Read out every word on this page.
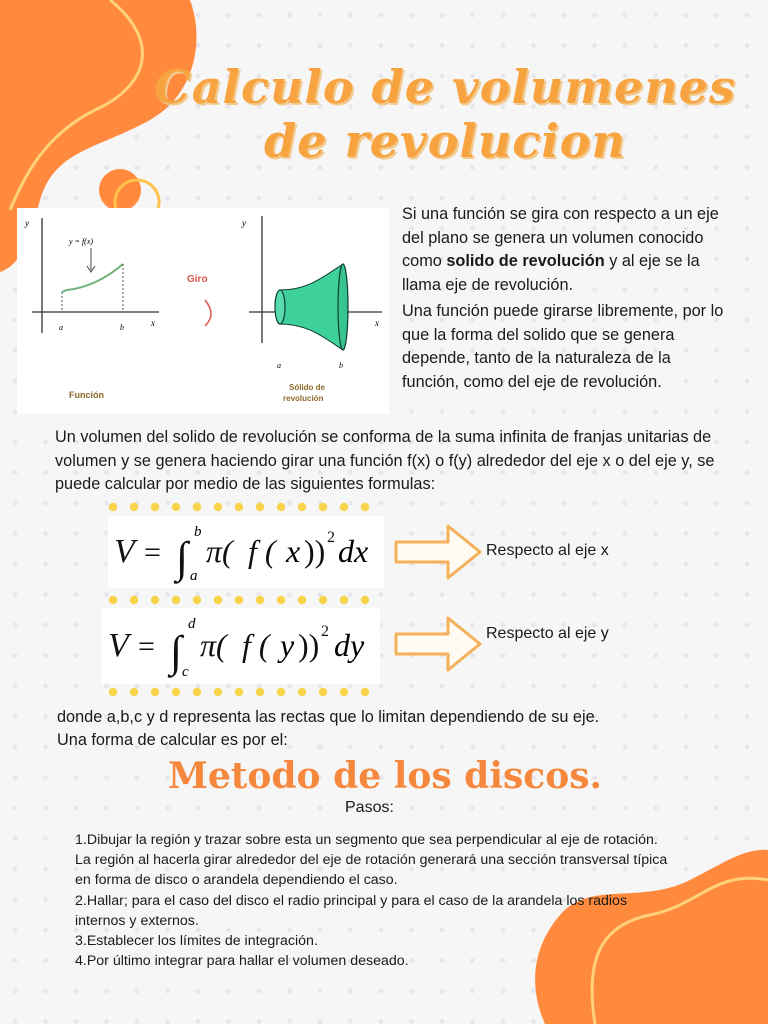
Calculo de volumenes
de revolucion
y
x
y = f(x)
a	b
Función
Giro
y
x
a	b
Sólido de
revolución
Si una función se gira con respecto a un eje del plano se genera un volumen conocido como solido de revolución y al eje se la llama eje de revolución.
Una función puede girarse libremente, por lo que la forma del solido que se genera depende, tanto de la naturaleza de la función, como del eje de revolución.
Un volumen del solido de revolución se conforma de la suma infinita de franjas unitarias de volumen y se genera haciendo girar una función f(x) o f(y) alrededor del eje x o del eje y, se puede calcular por medio de las siguientes formulas:
V = ∫
b
a
π( f ( x )) 2 dx
V = ∫
d
c
π( f ( y )) 2 dy
Respecto al eje x
Respecto al eje y
donde a,b,c y d representa las rectas que lo limitan dependiendo de su eje.
Una forma de calcular es por el:
Metodo de los discos.
Pasos:
1.Dibujar la región y trazar sobre esta un segmento que sea perpendicular al eje de rotación. La región al hacerla girar alrededor del eje de rotación generará una sección transversal típica en forma de disco o arandela dependiendo el caso.
2.Hallar; para el caso del disco el radio principal y para el caso de la arandela los radios internos y externos.
3.Establecer los límites de integración.
4.Por último integrar para hallar el volumen deseado.
